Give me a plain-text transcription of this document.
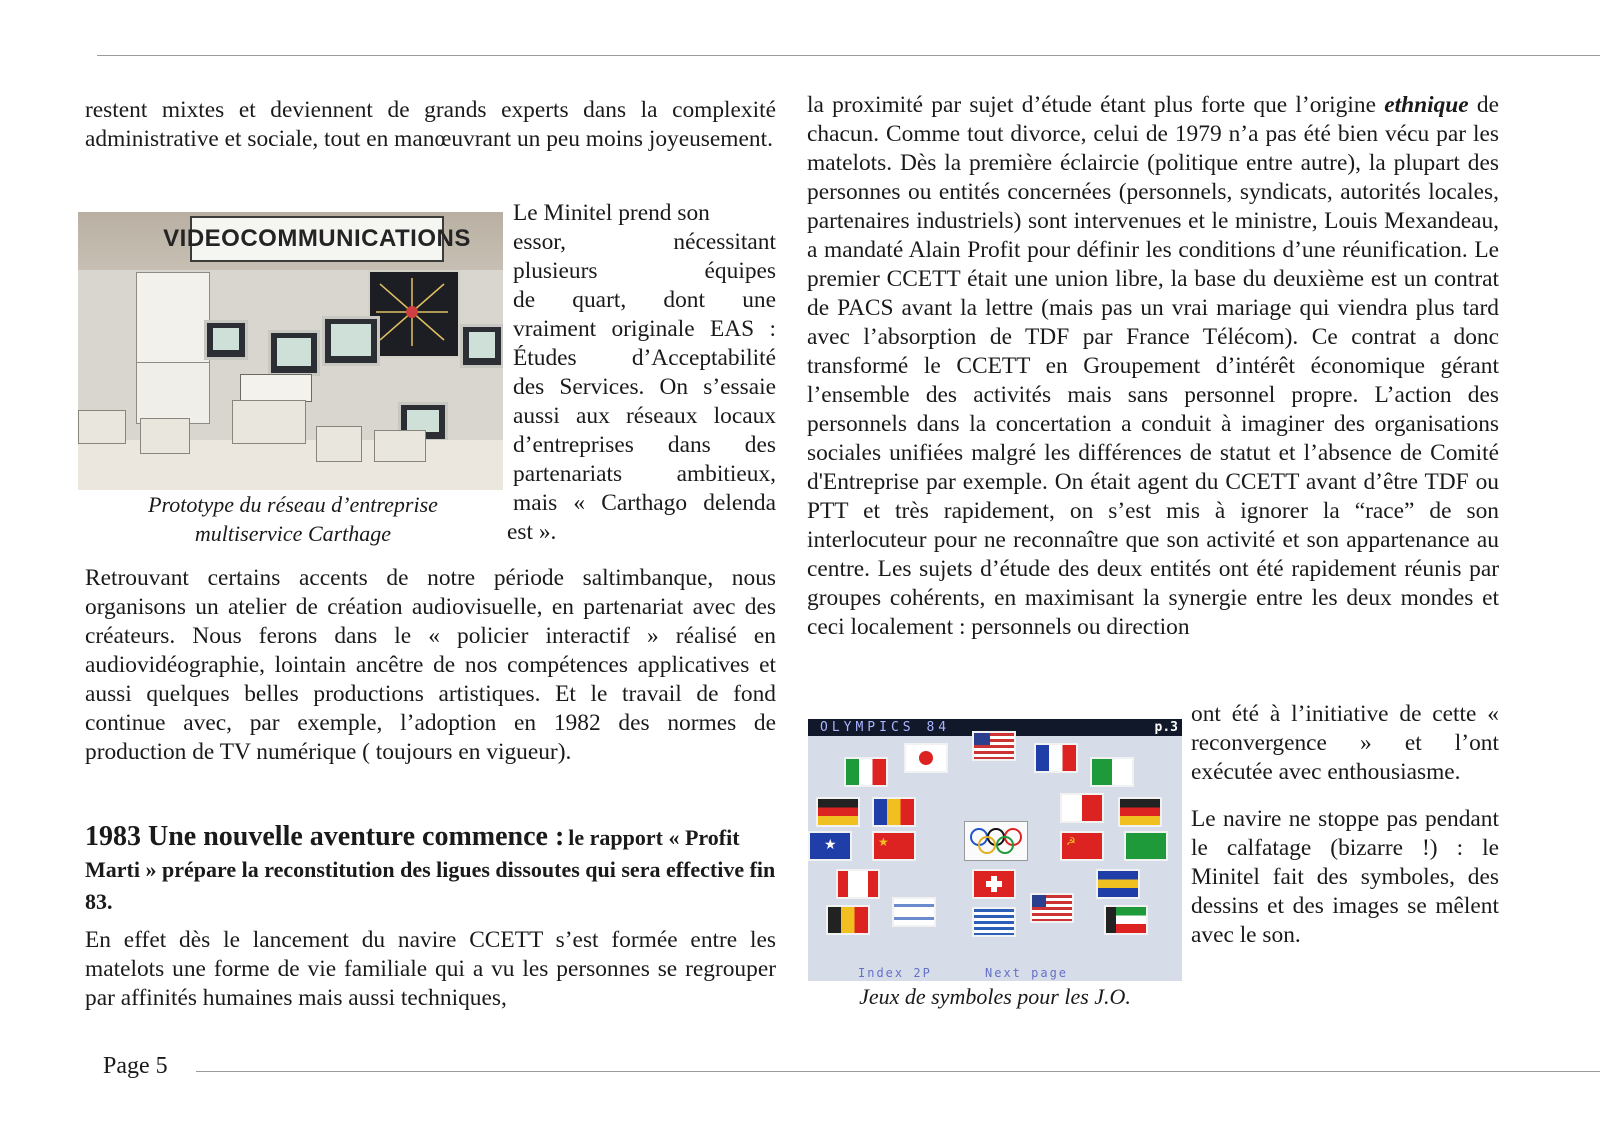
restent mixtes et deviennent de grands experts dans la complexité administrative et sociale, tout en manœuvrant un peu moins joyeusement.

VIDEOCOMMUNICATIONS

Prototype du réseau d’entreprise
multiservice Carthage

Le Minitel prend son

essor, nécessitant

plusieurs équipes

de quart, dont une

vraiment originale EAS :

Études d’Acceptabilité

des Services. On s’essaie

aussi aux réseaux locaux

d’entreprises dans des

partenariats ambitieux,

mais « Carthago delenda

est ».

Retrouvant certains accents de notre période saltimbanque, nous organisons un atelier de création audiovisuelle, en partenariat avec des créateurs. Nous ferons dans le « policier interactif » réalisé en audiovidéographie, lointain ancêtre de nos compétences applicatives et aussi quelques belles productions artistiques. Et le travail de fond continue avec, par exemple, l’adoption en 1982 des normes de production de TV numérique ( toujours en vigueur).

1983 Une nouvelle aventure commence : le rapport « Profit Marti » prépare la reconstitution des ligues dissoutes qui sera effective fin 83.

En effet dès le lancement du navire CCETT s’est formée entre les matelots une forme de vie familiale qui a vu les personnes se regrouper par affinités humaines mais aussi techniques,

la proximité par sujet d’étude étant plus forte que l’origine ethnique de chacun. Comme tout divorce, celui de 1979 n’a pas été bien vécu par les matelots. Dès la première éclaircie (politique entre autre), la plupart des personnes ou entités concernées (personnels, syndicats, autorités locales, partenaires industriels) sont intervenues et le ministre, Louis Mexandeau, a mandaté Alain Profit pour définir les conditions d’une réunification. Le premier CCETT était une union libre, la base du deuxième est un contrat de PACS avant la lettre (mais pas un vrai mariage qui viendra plus tard avec l’absorption de TDF par France Télécom). Ce contrat a donc transformé le CCETT en Groupement d’intérêt économique gérant l’ensemble des activités mais sans personnel propre. L’action des personnels dans la concertation a conduit à imaginer des organisations sociales unifiées malgré les différences de statut et l’absence de Comité d'Entreprise par exemple. On était agent du CCETT avant d’être TDF ou PTT et très rapidement, on s’est mis à ignorer la “race” de son interlocuteur pour ne reconnaître que son activité et son appartenance au centre. Les sujets d’étude des deux entités ont été rapidement réunis par groupes cohérents, en maximisant la synergie entre les deux mondes et ceci localement : personnels ou direction

ont été à l’initiative de cette « reconvergence » et l’ont exécutée avec enthousiasme.

OLYMPICS 84	p.3
★	★	☭
Index 2P	Next page

Jeux de symboles pour les J.O.

Le navire ne stoppe pas pendant le calfatage (bizarre !) : le Minitel fait des symboles, des dessins et des images se mêlent avec le son.

Page 5
